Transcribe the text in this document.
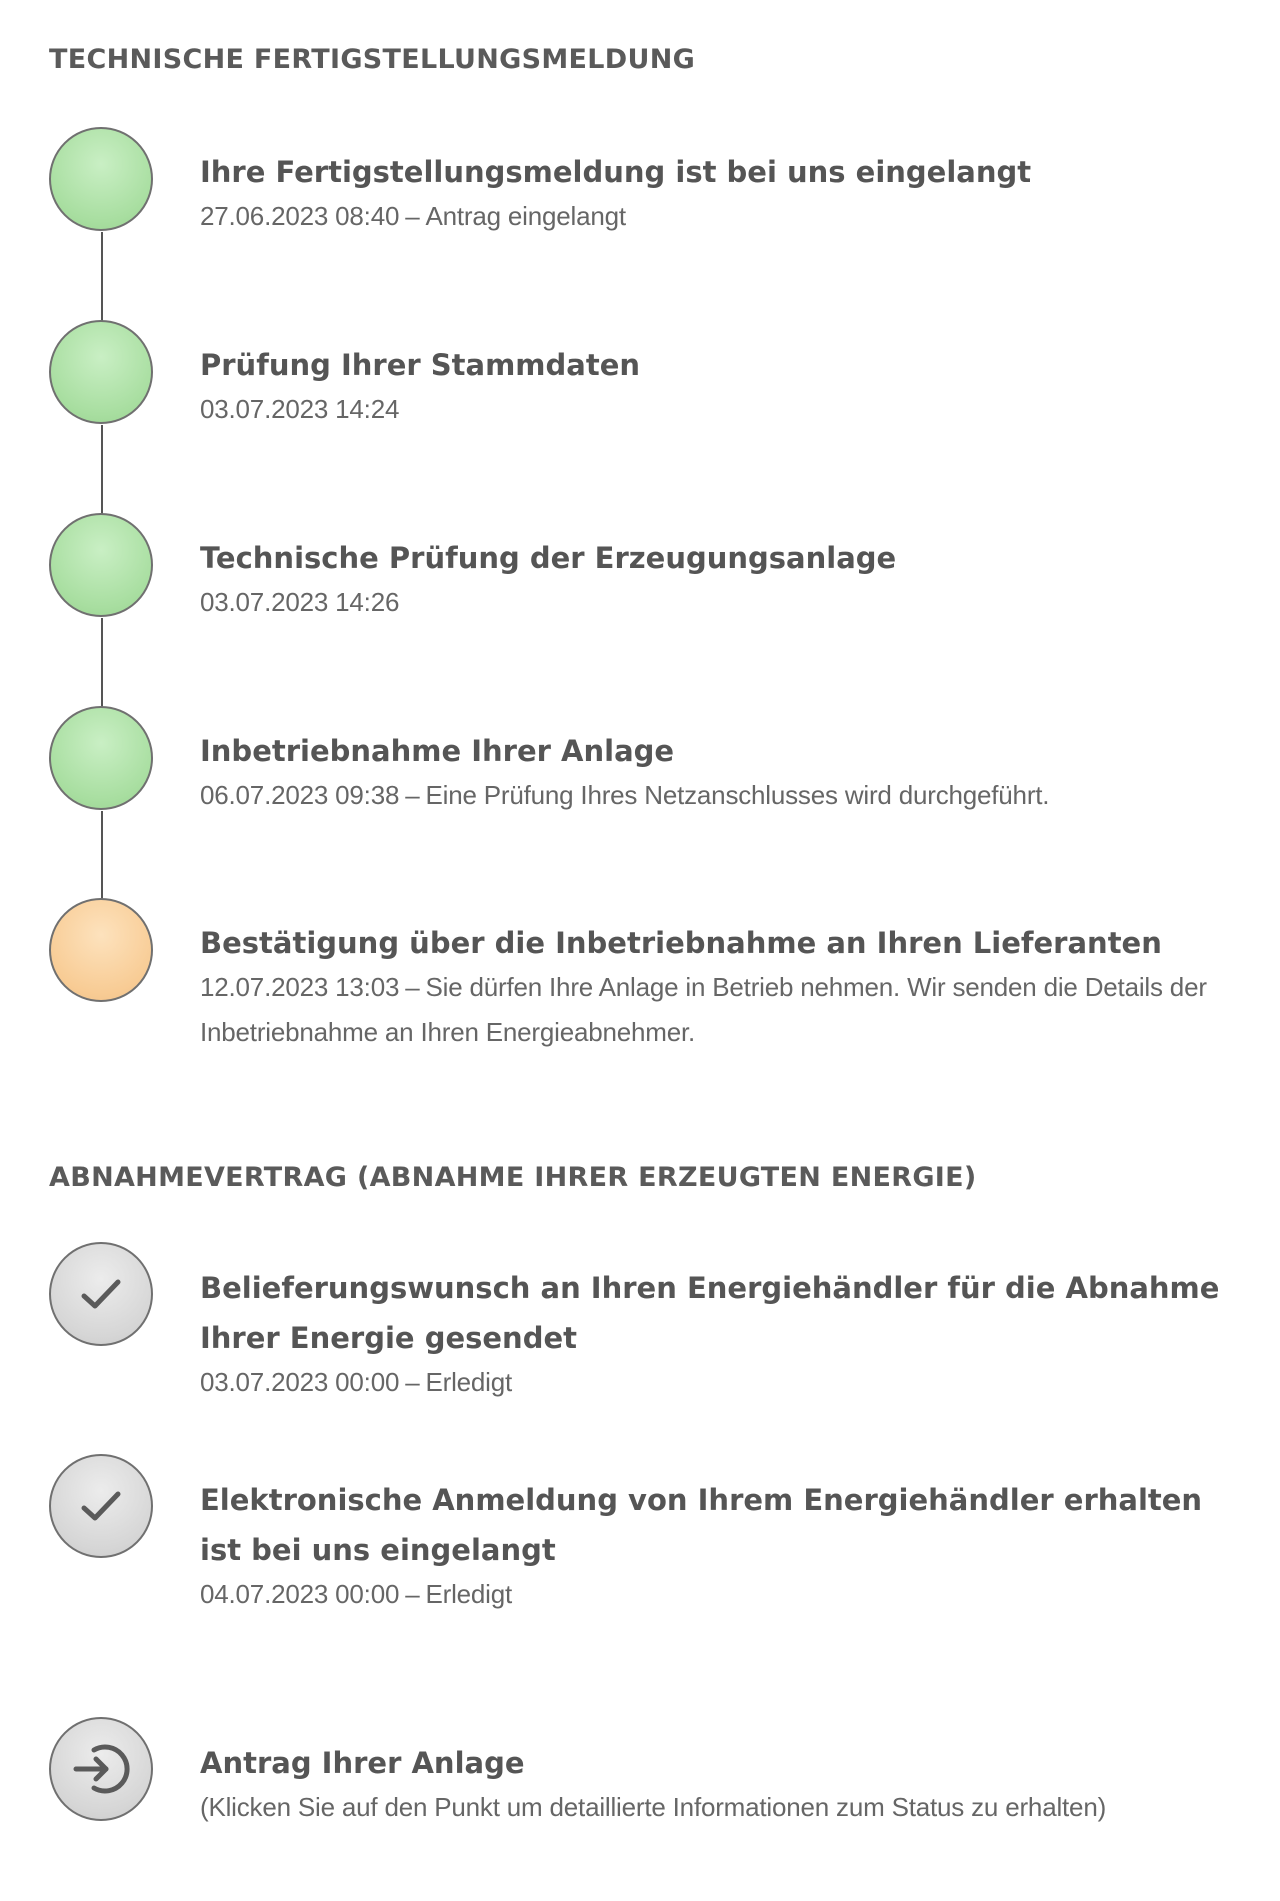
TECHNISCHE FERTIGSTELLUNGSMELDUNG
Ihre Fertigstellungsmeldung ist bei uns eingelangt

27.06.2023 08:40 – Antrag eingelangt

Prüfung Ihrer Stammdaten

03.07.2023 14:24

Technische Prüfung der Erzeugungsanlage

03.07.2023 14:26

Inbetriebnahme Ihrer Anlage

06.07.2023 09:38 – Eine Prüfung Ihres Netzanschlusses wird durchgeführt.

Bestätigung über die Inbetriebnahme an Ihren Lieferanten

12.07.2023 13:03 – Sie dürfen Ihre Anlage in Betrieb nehmen. Wir senden die Details der Inbetriebnahme an Ihren Energieabnehmer.

ABNAHMEVERTRAG (ABNAHME IHRER ERZEUGTEN ENERGIE)
Belieferungswunsch an Ihren Energiehändler für die Abnahme Ihrer Energie gesendet

03.07.2023 00:00 – Erledigt

Elektronische Anmeldung von Ihrem Energiehändler erhalten ist bei uns eingelangt

04.07.2023 00:00 – Erledigt

Antrag Ihrer Anlage

(Klicken Sie auf den Punkt um detaillierte Informationen zum Status zu erhalten)
